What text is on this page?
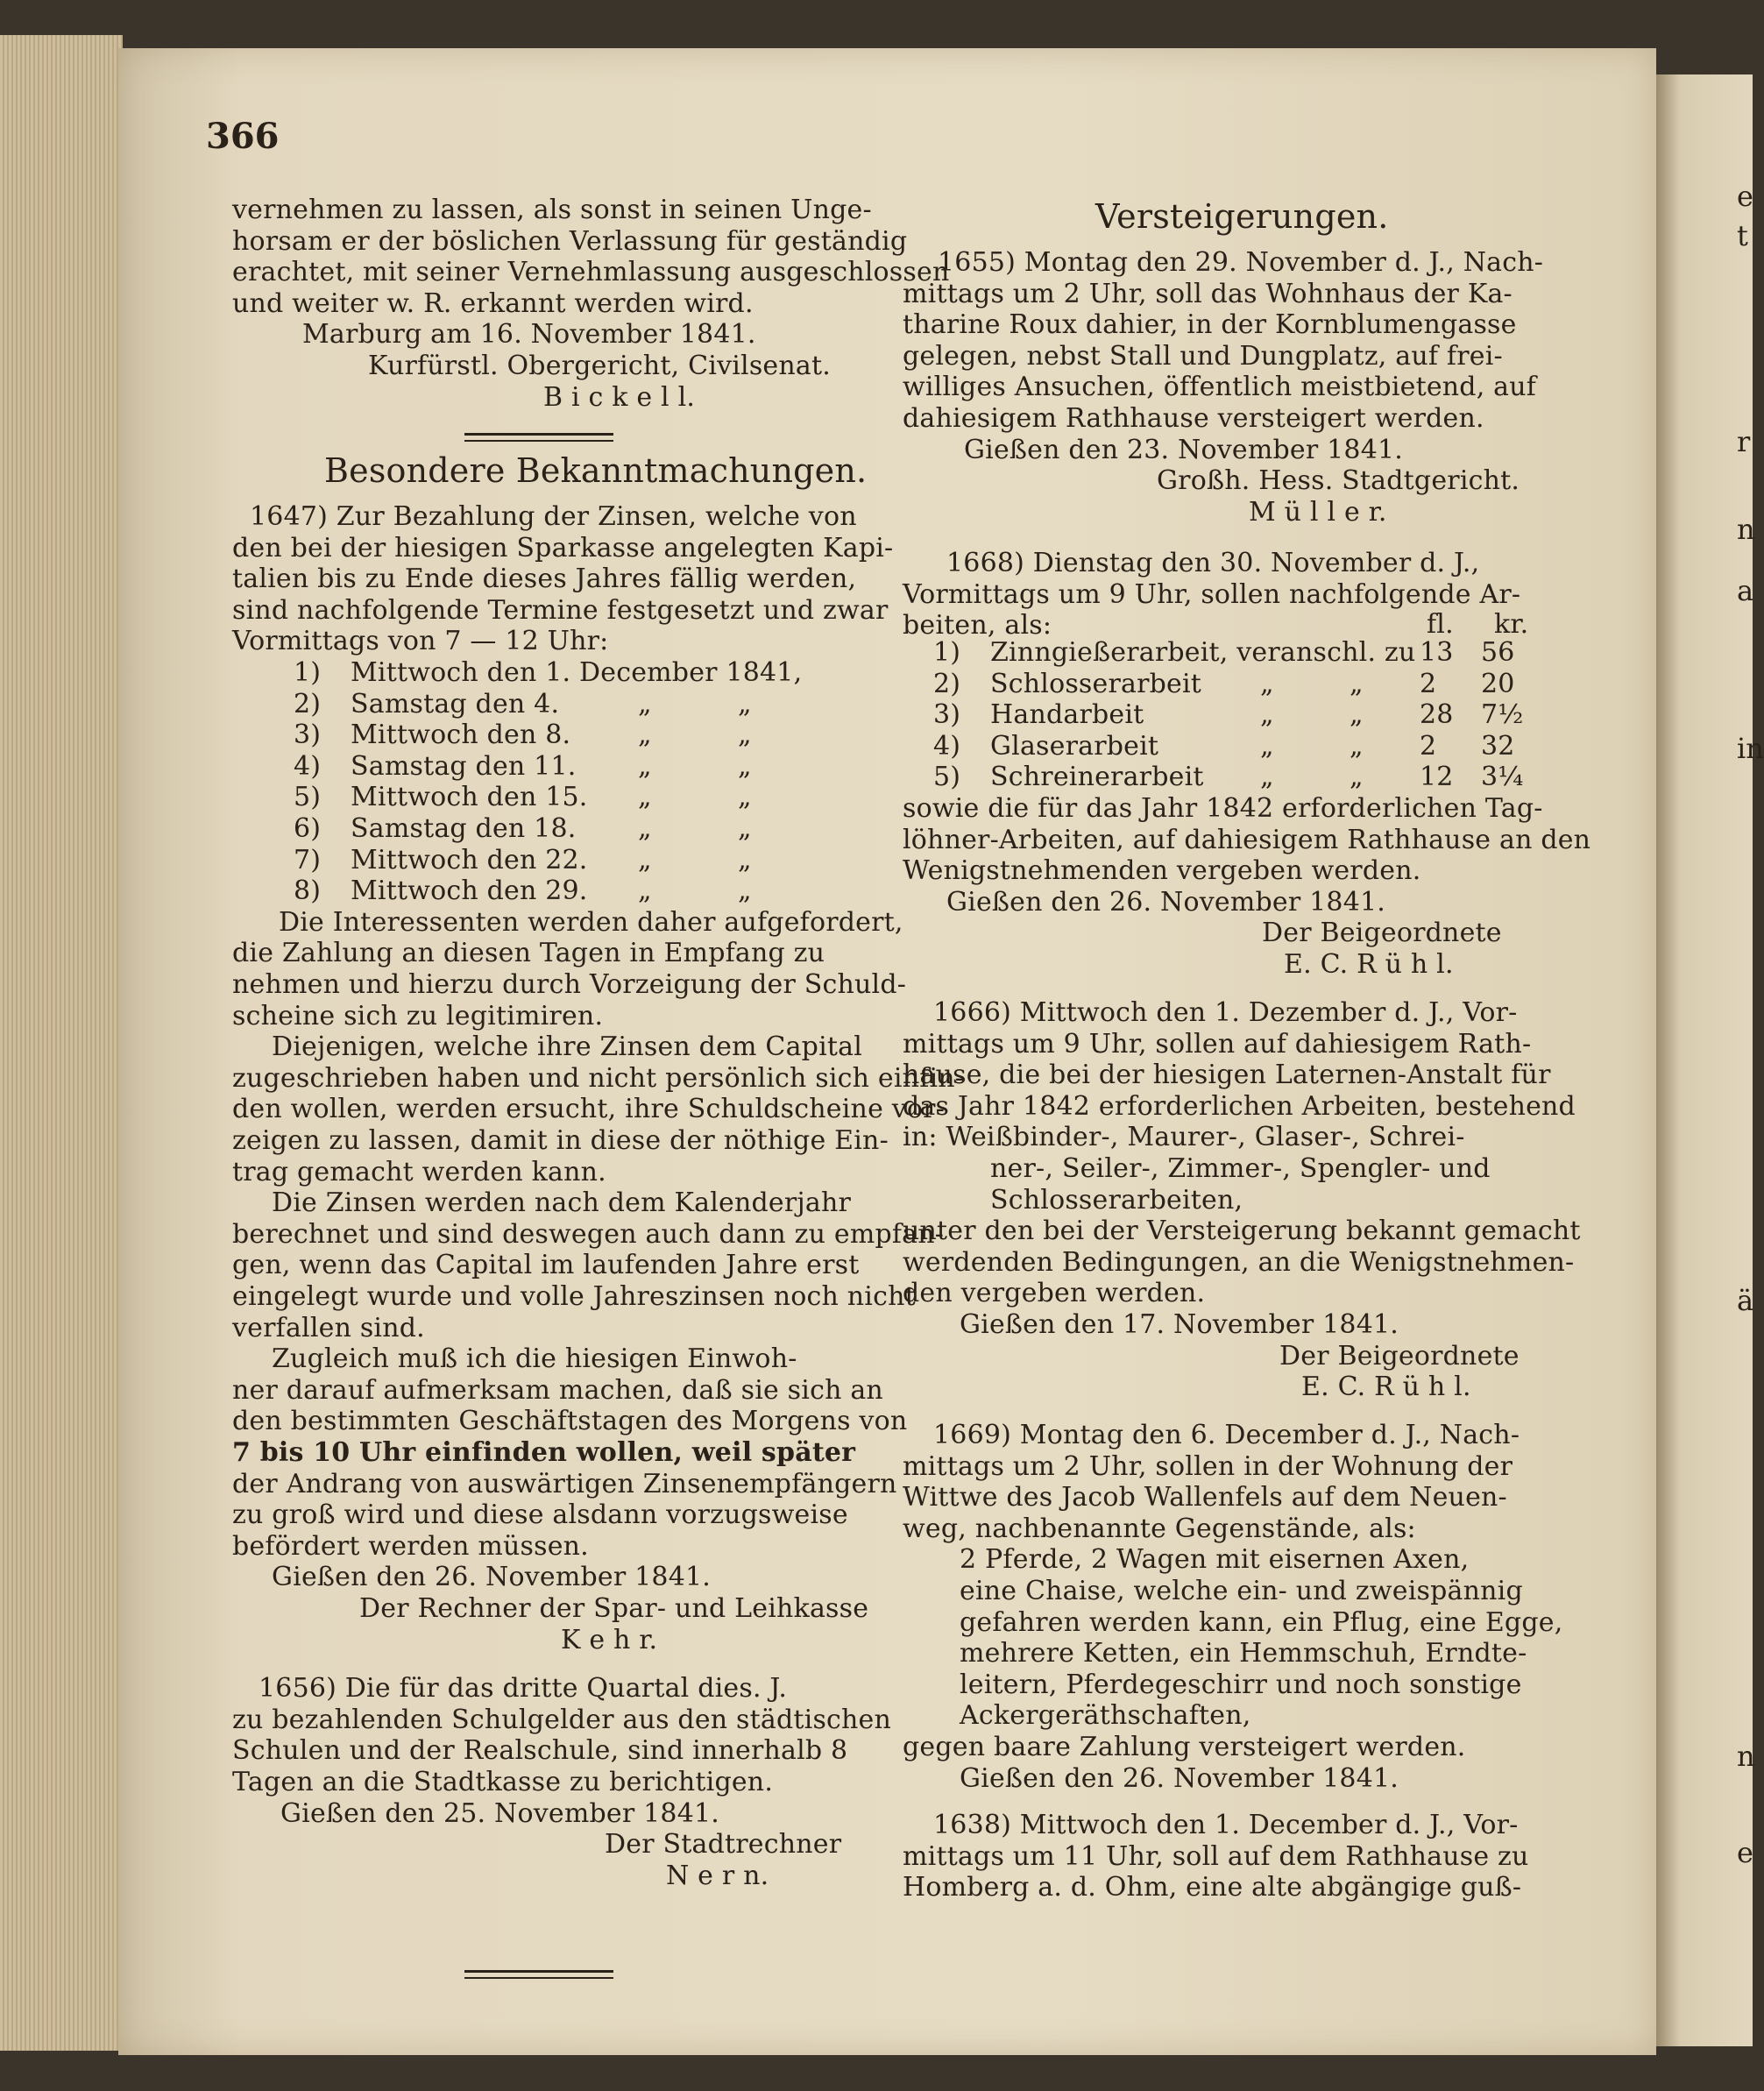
e
t
r
n
a
in
ä
n
e
366
vernehmen zu lassen, als sonst in seinen Unge-
horsam er der böslichen Verlassung für geständig
erachtet, mit seiner Vernehmlassung ausgeschlossen
und weiter w. R. erkannt werden wird.
Marburg am 16. November 1841.
Kurfürstl. Obergericht, Civilsenat.
B i c k e l l.
Besondere Bekanntmachungen.
1647) Zur Bezahlung der Zinsen, welche von
den bei der hiesigen Sparkasse angelegten Kapi-
talien bis zu Ende dieses Jahres fällig werden,
sind nachfolgende Termine festgesetzt und zwar
Vormittags von 7 — 12 Uhr:
1) Mittwoch den 1. December 1841,
2) Samstag den 4.	„	„
3) Mittwoch den 8.	„	„
4) Samstag den 11. „	„
5) Mittwoch den 15. „	„
6) Samstag den 18. „	„
7) Mittwoch den 22. „	„
8) Mittwoch den 29. „	„
Die Interessenten werden daher aufgefordert,
die Zahlung an diesen Tagen in Empfang zu
nehmen und hierzu durch Vorzeigung der Schuld-
scheine sich zu legitimiren.
Diejenigen, welche ihre Zinsen dem Capital
zugeschrieben haben und nicht persönlich sich einfin-
den wollen, werden ersucht, ihre Schuldscheine vor-
zeigen zu lassen, damit in diese der nöthige Ein-
trag gemacht werden kann.
Die Zinsen werden nach dem Kalenderjahr
berechnet und sind deswegen auch dann zu empfan-
gen, wenn das Capital im laufenden Jahre erst
eingelegt wurde und volle Jahreszinsen noch nicht
verfallen sind.
Zugleich muß ich die hiesigen Einwoh-
ner darauf aufmerksam machen, daß sie sich an
den bestimmten Geschäftstagen des Morgens von
7 bis 10 Uhr einfinden wollen, weil später
der Andrang von auswärtigen Zinsenempfängern
zu groß wird und diese alsdann vorzugsweise
befördert werden müssen.
Gießen den 26. November 1841.
Der Rechner der Spar- und Leihkasse
K e h r.
1656) Die für das dritte Quartal dies. J.
zu bezahlenden Schulgelder aus den städtischen
Schulen und der Realschule, sind innerhalb 8
Tagen an die Stadtkasse zu berichtigen.
Gießen den 25. November 1841.
Der Stadtrechner
N e r n.
Versteigerungen.
1655) Montag den 29. November d. J., Nach-
mittags um 2 Uhr, soll das Wohnhaus der Ka-
tharine Roux dahier, in der Kornblumengasse
gelegen, nebst Stall und Dungplatz, auf frei-
williges Ansuchen, öffentlich meistbietend, auf
dahiesigem Rathhause versteigert werden.
Gießen den 23. November 1841.
Großh. Hess. Stadtgericht.
M ü l l e r.
1668) Dienstag den 30. November d. J.,
Vormittags um 9 Uhr, sollen nachfolgende Ar-
beiten, als:	fl. kr.
1) Zinngießerarbeit, veranschl. zu 13 56
2) Schlosserarbeit „	„ 2 20
3) Handarbeit	„	„ 28 7½
4) Glaserarbeit	„	„ 2 32
5) Schreinerarbeit „	„ 12 3¼
sowie die für das Jahr 1842 erforderlichen Tag-
löhner-Arbeiten, auf dahiesigem Rathhause an den
Wenigstnehmenden vergeben werden.
Gießen den 26. November 1841.
Der Beigeordnete
E. C. R ü h l.
1666) Mittwoch den 1. Dezember d. J., Vor-
mittags um 9 Uhr, sollen auf dahiesigem Rath-
hause, die bei der hiesigen Laternen-Anstalt für
das Jahr 1842 erforderlichen Arbeiten, bestehend
in: Weißbinder-, Maurer-, Glaser-, Schrei-
ner-, Seiler-, Zimmer-, Spengler- und
Schlosserarbeiten,
unter den bei der Versteigerung bekannt gemacht
werdenden Bedingungen, an die Wenigstnehmen-
den vergeben werden.
Gießen den 17. November 1841.
Der Beigeordnete
E. C. R ü h l.
1669) Montag den 6. December d. J., Nach-
mittags um 2 Uhr, sollen in der Wohnung der
Wittwe des Jacob Wallenfels auf dem Neuen-
weg, nachbenannte Gegenstände, als:
2 Pferde, 2 Wagen mit eisernen Axen,
eine Chaise, welche ein- und zweispännig
gefahren werden kann, ein Pflug, eine Egge,
mehrere Ketten, ein Hemmschuh, Erndte-
leitern, Pferdegeschirr und noch sonstige
Ackergeräthschaften,
gegen baare Zahlung versteigert werden.
Gießen den 26. November 1841.
1638) Mittwoch den 1. December d. J., Vor-
mittags um 11 Uhr, soll auf dem Rathhause zu
Homberg a. d. Ohm, eine alte abgängige guß-
